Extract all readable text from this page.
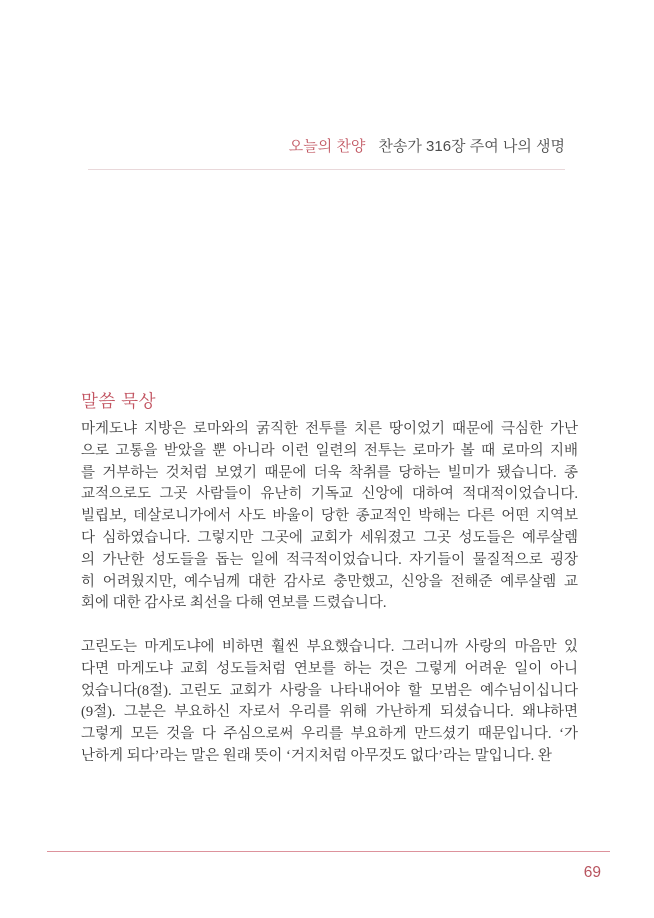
오늘의 찬양 찬송가 316장 주여 나의 생명
말씀 묵상
마게도냐 지방은 로마와의 굵직한 전투를 치른 땅이었기 때문에 극심한 가난
으로 고통을 받았을 뿐 아니라 이런 일련의 전투는 로마가 볼 때 로마의 지배
를 거부하는 것처럼 보였기 때문에 더욱 착취를 당하는 빌미가 됐습니다. 종
교적으로도 그곳 사람들이 유난히 기독교 신앙에 대하여 적대적이었습니다.
빌립보, 데살로니가에서 사도 바울이 당한 종교적인 박해는 다른 어떤 지역보
다 심하였습니다. 그렇지만 그곳에 교회가 세워졌고 그곳 성도들은 예루살렘
의 가난한 성도들을 돕는 일에 적극적이었습니다. 자기들이 물질적으로 굉장
히 어려웠지만, 예수님께 대한 감사로 충만했고, 신앙을 전해준 예루살렘 교
회에 대한 감사로 최선을 다해 연보를 드렸습니다.
고린도는 마게도냐에 비하면 훨씬 부요했습니다. 그러니까 사랑의 마음만 있
다면 마게도냐 교회 성도들처럼 연보를 하는 것은 그렇게 어려운 일이 아니
었습니다(8절). 고린도 교회가 사랑을 나타내어야 할 모범은 예수님이십니다
(9절). 그분은 부요하신 자로서 우리를 위해 가난하게 되셨습니다. 왜냐하면
그렇게 모든 것을 다 주심으로써 우리를 부요하게 만드셨기 때문입니다. ‘가
난하게 되다’라는 말은 원래 뜻이 ‘거지처럼 아무것도 없다’라는 말입니다. 완
69
